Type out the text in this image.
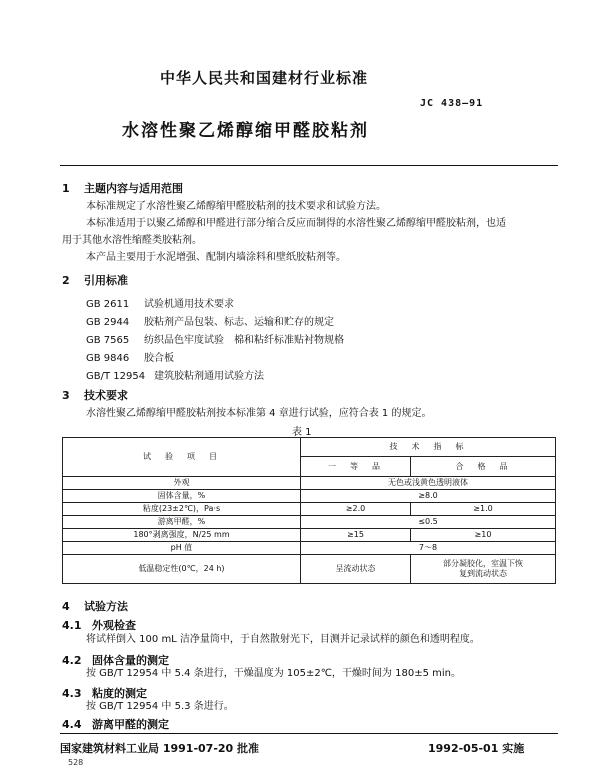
中华人民共和国建材行业标准
JC 438—91
水溶性聚乙烯醇缩甲醛胶粘剂
1 主题内容与适用范围
本标准规定了水溶性聚乙烯醇缩甲醛胶粘剂的技术要求和试验方法。
本标准适用于以聚乙烯醇和甲醛进行部分缩合反应而制得的水溶性聚乙烯醇缩甲醛胶粘剂，也适
用于其他水溶性缩醛类胶粘剂。
本产品主要用于水泥增强、配制内墙涂料和壁纸胶粘剂等。
2 引用标准
GB 2611 试验机通用技术要求
GB 2944 胶粘剂产品包装、标志、运输和贮存的规定
GB 7565 纺织品色牢度试验　棉和粘纤标准贴衬物规格
GB 9846 胶合板
GB/T 12954 建筑胶粘剂通用试验方法
3 技术要求
水溶性聚乙烯醇缩甲醛胶粘剂按本标准第 4 章进行试验，应符合表 1 的规定。
表 1
试　验　项　目	技　术　指　标	
	一　等　品	合　格　品
外观	无色或浅黄色透明液体	
固体含量，%	≥8.0	
粘度(23±2℃)，Pa·s	≥2.0	≥1.0
游离甲醛，%	≤0.5	
180°剥离强度，N/25 mm	≥15	≥10
pH 值	7～8	
低温稳定性(0℃，24 h)	呈流动状态	部分凝胶化，室温下恢
复到流动状态
4 试验方法
4.1 外观检查
将试样倒入 100 mL 洁净量筒中，于自然散射光下，目测并记录试样的颜色和透明程度。
4.2 固体含量的测定
按 GB/T 12954 中 5.4 条进行，干燥温度为 105±2℃，干燥时间为 180±5 min。
4.3 粘度的测定
按 GB/T 12954 中 5.3 条进行。
4.4 游离甲醛的测定
国家建筑材料工业局 1991-07-20 批准	1992-05-01 实施
528
